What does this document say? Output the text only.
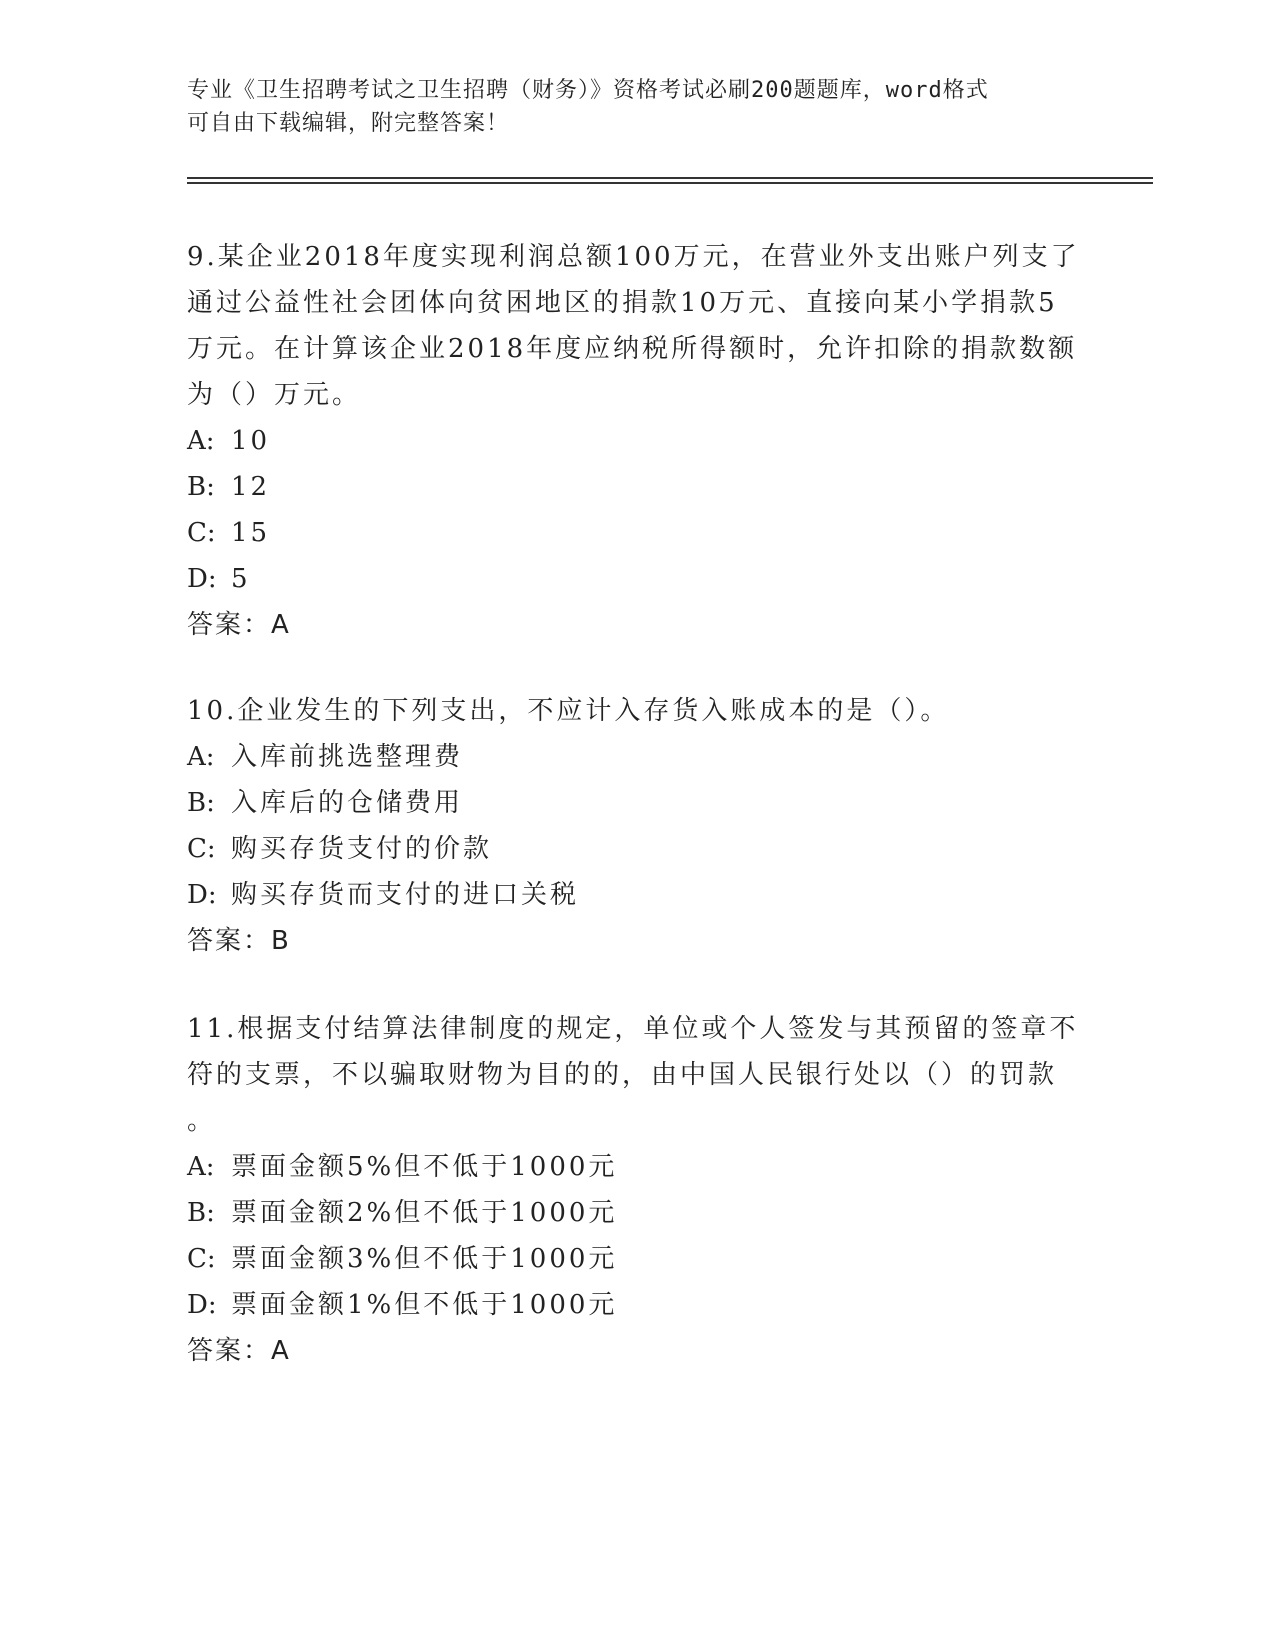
专业《卫生招聘考试之卫生招聘（财务）》资格考试必刷200题题库，word格式
可自由下载编辑，附完整答案！
9.某企业2018年度实现利润总额100万元，在营业外支出账户列支了
通过公益性社会团体向贫困地区的捐款10万元、直接向某小学捐款5
万元。在计算该企业2018年度应纳税所得额时，允许扣除的捐款数额
为（）万元。
A: 10
B: 12
C: 15
D: 5
答案：A
10.企业发生的下列支出，不应计入存货入账成本的是（）。
A: 入库前挑选整理费
B: 入库后的仓储费用
C: 购买存货支付的价款
D: 购买存货而支付的进口关税
答案：B
11.根据支付结算法律制度的规定，单位或个人签发与其预留的签章不
符的支票，不以骗取财物为目的的，由中国人民银行处以（）的罚款
。
A: 票面金额5%但不低于1000元
B: 票面金额2%但不低于1000元
C: 票面金额3%但不低于1000元
D: 票面金额1%但不低于1000元
答案：A
